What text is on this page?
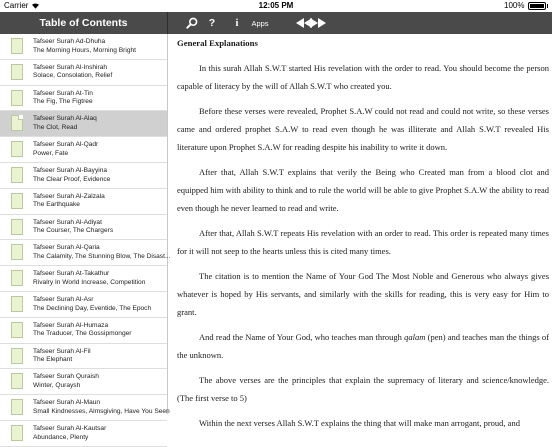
Carrier	12:05 PM	100%
Table of Contents	?	i	Apps
Tafseer Surah Ad-Dhuha
The Morning Hours, Morning Bright
Tafseer Surah Al-Inshirah
Solace, Consolation, Relief
Tafseer Surah At-Tin
The Fig, The Figtree
Tafseer Surah Al-Alaq
The Clot, Read
Tafseer Surah Al-Qadr
Power, Fate
Tafseer Surah Al-Bayyina
The Clear Proof, Evidence
Tafseer Surah Al-Zalzala
The Earthquake
Tafseer Surah Al-Adiyat
The Courser, The Chargers
Tafseer Surah Al-Qaria
The Calamity, The Stunning Blow, The Disast...
Tafseer Surah At-Takathur
Rivalry In World Increase, Competition
Tafseer Surah Al-Asr
The Declining Day, Eventide, The Epoch
Tafseer Surah Al-Humaza
The Traducer, The Gossipmonger
Tafseer Surah Al-Fil
The Elephant
Tafseer Surah Quraish
Winter, Quraysh
Tafseer Surah Al-Maun
Small Kindnesses, Almsgiving, Have You Seen
Tafseer Surah Al-Kautsar
Abundance, Plenty
General Explanations

In this surah Allah S.W.T started His revelation with the order to read. You should become the person capable of literacy by the will of Allah S.W.T who created you.

Before these verses were revealed, Prophet S.A.W could not read and could not write, so these verses came and ordered prophet S.A.W to read even though he was illiterate and Allah S.W.T revealed His literature upon Prophet S.A.W for reading despite his inability to write it down.

After that, Allah S.W.T explains that verily the Being who Created man from a blood clot and equipped him with ability to think and to rule the world will be able to give Prophet S.A.W the ability to read even though he never learned to read and write.

After that, Allah S.W.T repeats His revelation with an order to read. This order is repeated many times for it will not seep to the hearts unless this is cited many times.

The citation is to mention the Name of Your God The Most Noble and Generous who always gives whatever is hoped by His servants, and similarly with the skills for reading, this is very easy for Him to grant.

And read the Name of Your God, who teaches man through qalam (pen) and teaches man the things of the unknown.

The above verses are the principles that explain the supremacy of literary and science/knowledge. (The first verse to 5)

Within the next verses Allah S.W.T explains the thing that will make man arrogant, proud, and
